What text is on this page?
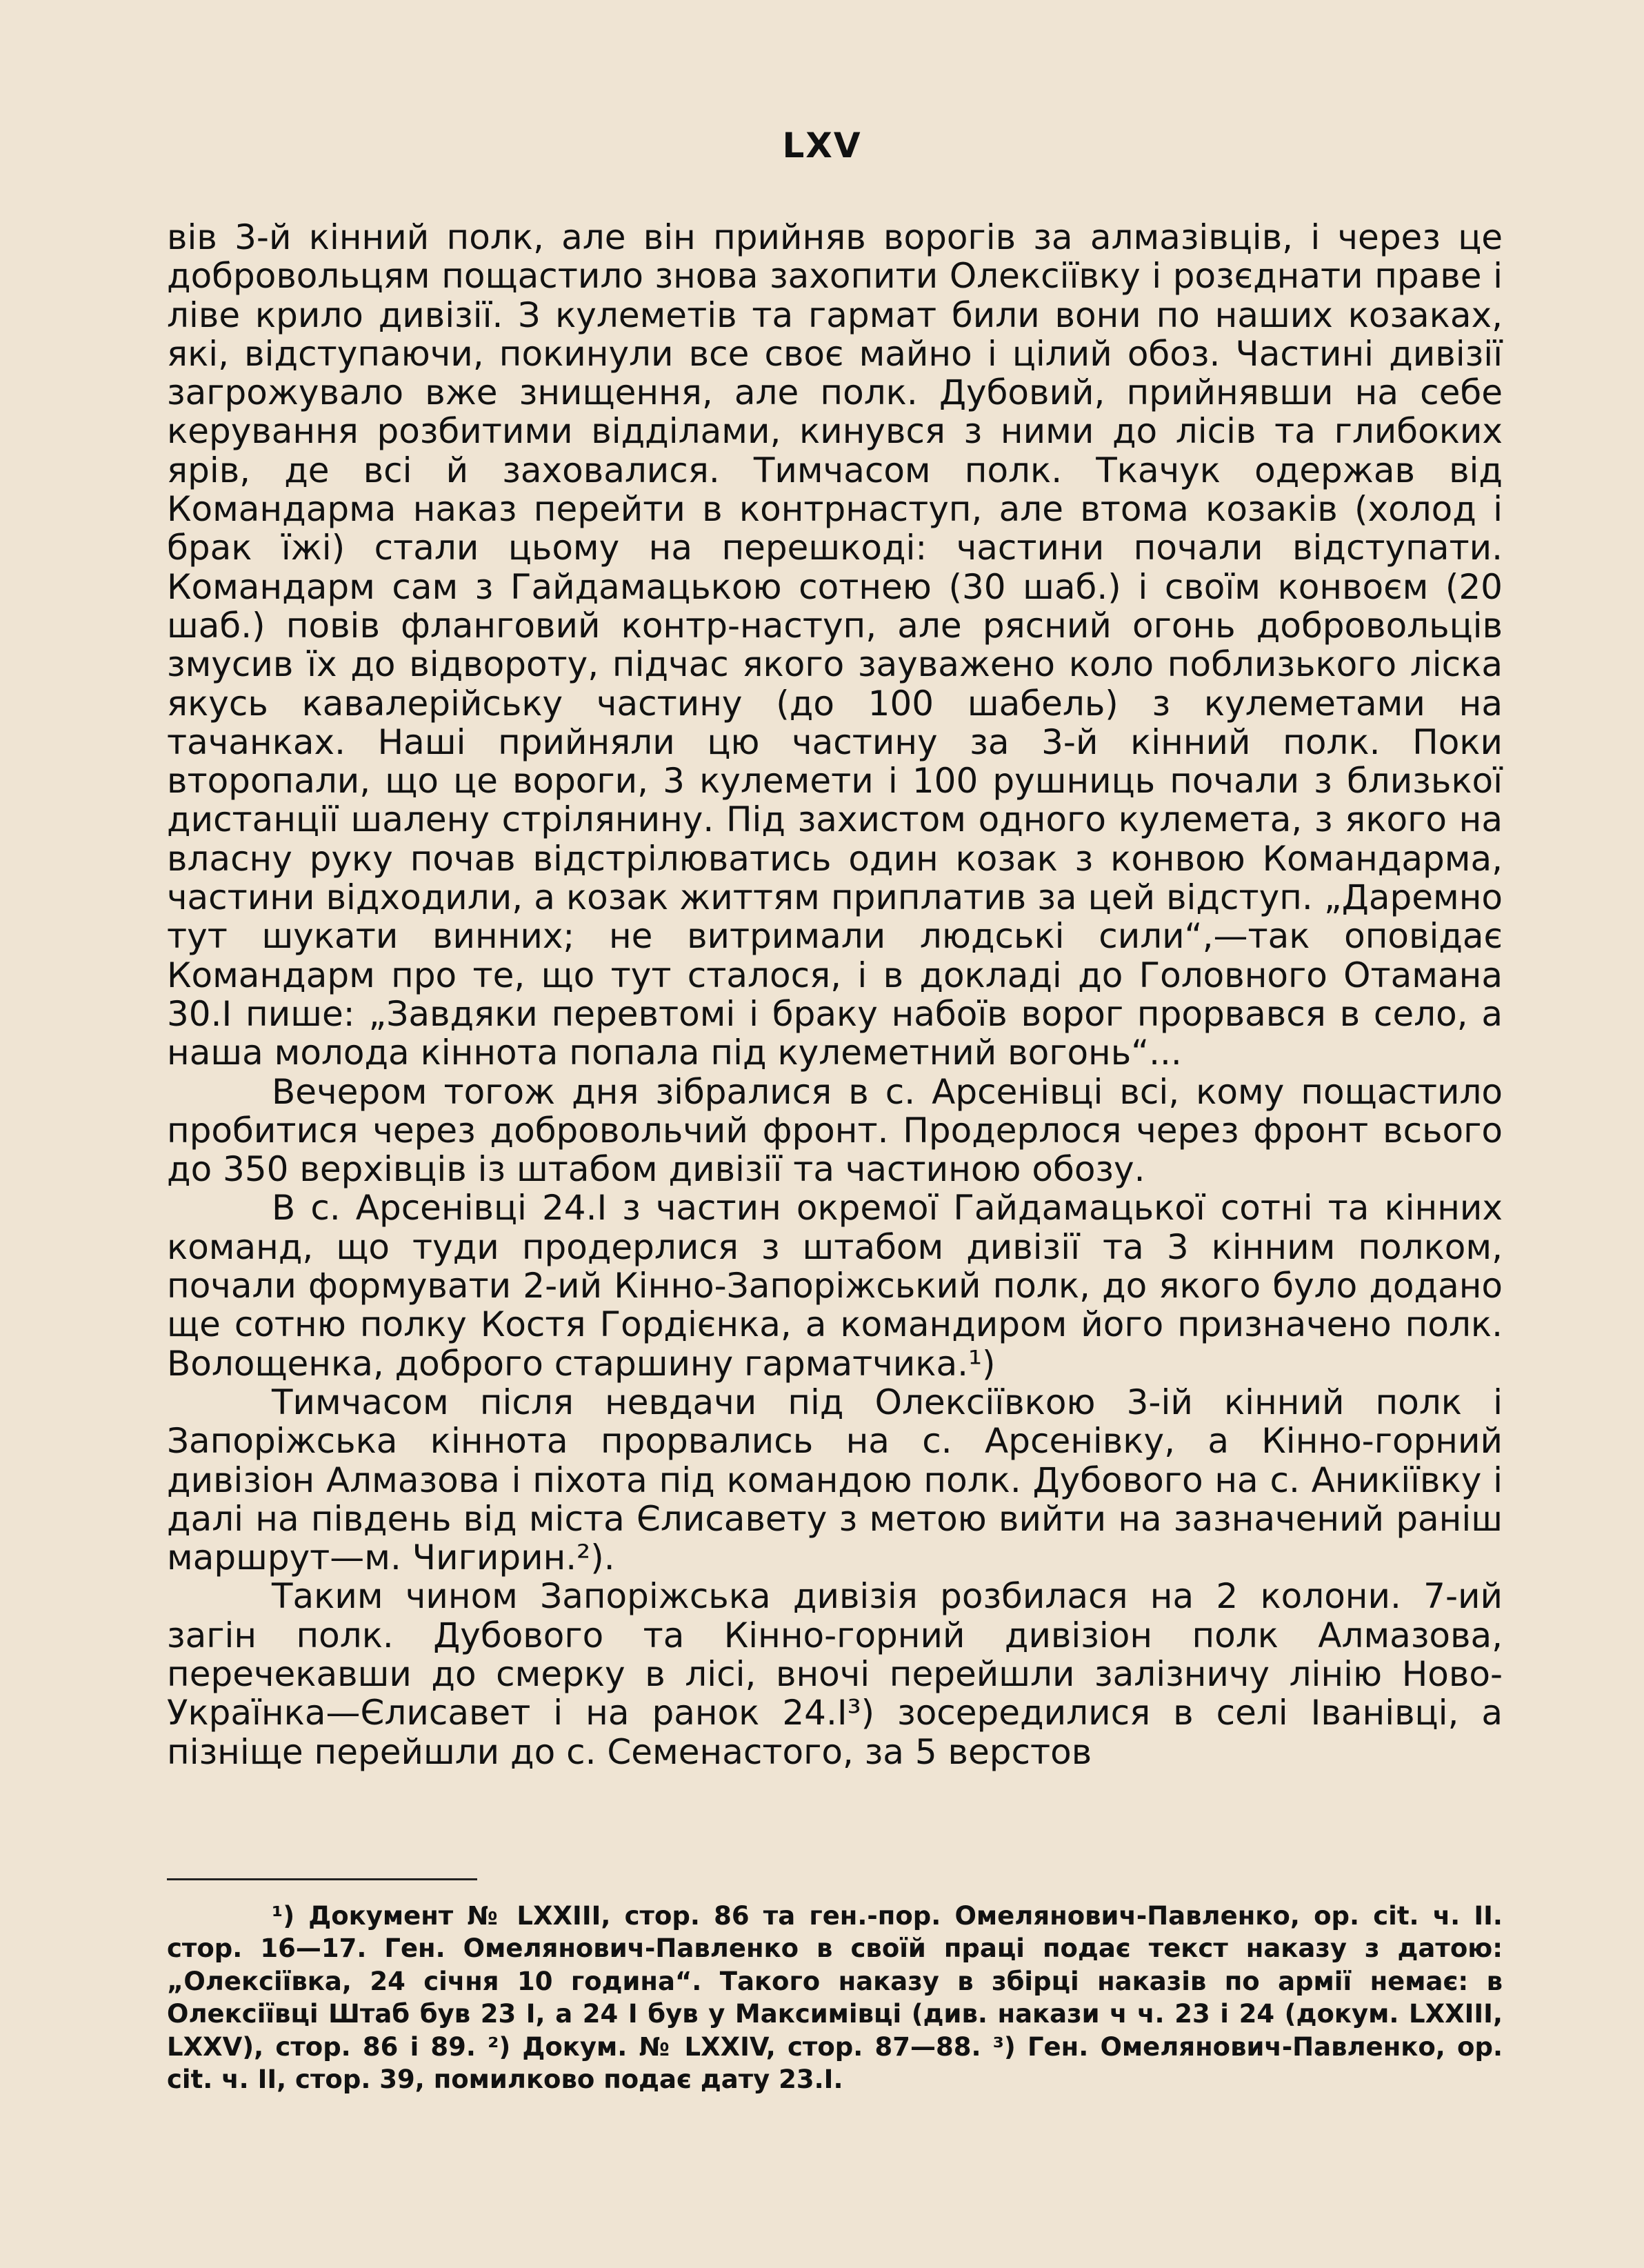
LXV

вів 3-й кінний полк, але він прийняв ворогів за алмазівців, і через це добровольцям пощастило знова захопити Олексіївку і розєднати праве і ліве крило дивізії. З кулеметів та гармат били вони по наших козаках, які, відступаючи, покинули все своє майно і цілий обоз. Частині дивізії загрожувало вже знищення, але полк. Дубовий, прийнявши на себе керування розбитими відділами, кинувся з ними до лісів та глибоких ярів, де всі й заховалися. Тимчасом полк. Ткачук одержав від Командарма наказ перейти в контрнаступ, але втома козаків (холод і брак їжі) стали цьому на перешкоді: частини почали відступати. Командарм сам з Гайдамацькою сотнею (30 шаб.) і своїм конвоєм (20 шаб.) повів фланговий контр-наступ, але рясний огонь добровольців змусив їх до відвороту, підчас якого зауважено коло поблизького ліска якусь кавалерійську частину (до 100 шабель) з кулеметами на тачанках. Наші прийняли цю частину за 3-й кінний полк. Поки второпали, що це вороги, 3 кулемети і 100 рушниць почали з близької дистанції шалену стрілянину. Під захистом одного кулемета, з якого на власну руку почав відстрілюватись один козак з конвою Командарма, частини відходили, а козак життям приплатив за цей відступ. „Даремно тут шукати винних; не витримали людські сили“,—так оповідає Командарм про те, що тут сталося, і в докладі до Головного Отамана 30.I пише: „Завдяки перевтомі і браку набоїв ворог прорвався в село, а наша молода кіннота попала під кулеметний вогонь“...

Вечером тогож дня зібралися в с. Арсенівці всі, кому пощастило пробитися через добровольчий фронт. Продерлося через фронт всього до 350 верхівців із штабом дивізії та частиною обозу.

В с. Арсенівці 24.I з частин окремої Гайдамацької сотні та кінних команд, що туди продерлися з штабом дивізії та 3 кінним полком, почали формувати 2-ий Кінно-Запоріжський полк, до якого було додано ще сотню полку Костя Гордієнка, а командиром його призначено полк. Волощенка, доброго старшину гарматчика.¹)

Тимчасом після невдачи під Олексіївкою 3-ій кінний полк і Запоріжська кіннота прорвались на с. Арсенівку, а Кінно-горний дивізіон Алмазова і піхота під командою полк. Дубового на с. Аникіївку і далі на південь від міста Єлисавету з метою вийти на зазначений раніш маршрут—м. Чигирин.²).

Таким чином Запоріжська дивізія розбилася на 2 колони. 7-ий загін полк. Дубового та Кінно-горний дивізіон полк Алмазова, перечекавши до смерку в лісі, вночі перейшли залізничу лінію Ново-Українка—Єлисавет і на ранок 24.I³) зосередилися в селі Іванівці, а пізніще перейшли до с. Семенастого, за 5 верстов

¹) Документ № LXXIII, стор. 86 та ген.-пор. Омелянович-Павленко, op. cit. ч. II. стор. 16—17. Ген. Омелянович-Павленко в своїй праці подає текст наказу з датою: „Олексіївка, 24 січня 10 година“. Такого наказу в збірці наказів по армії немає: в Олексіївці Штаб був 23 I, а 24 I був у Максимівці (див. накази ч ч. 23 і 24 (докум. LXXIII, LXXV), стор. 86 і 89. ²) Докум. № LXXIV, стор. 87—88. ³) Ген. Омелянович-Павленко, op. cit. ч. II, стор. 39, помилково подає дату 23.I.
